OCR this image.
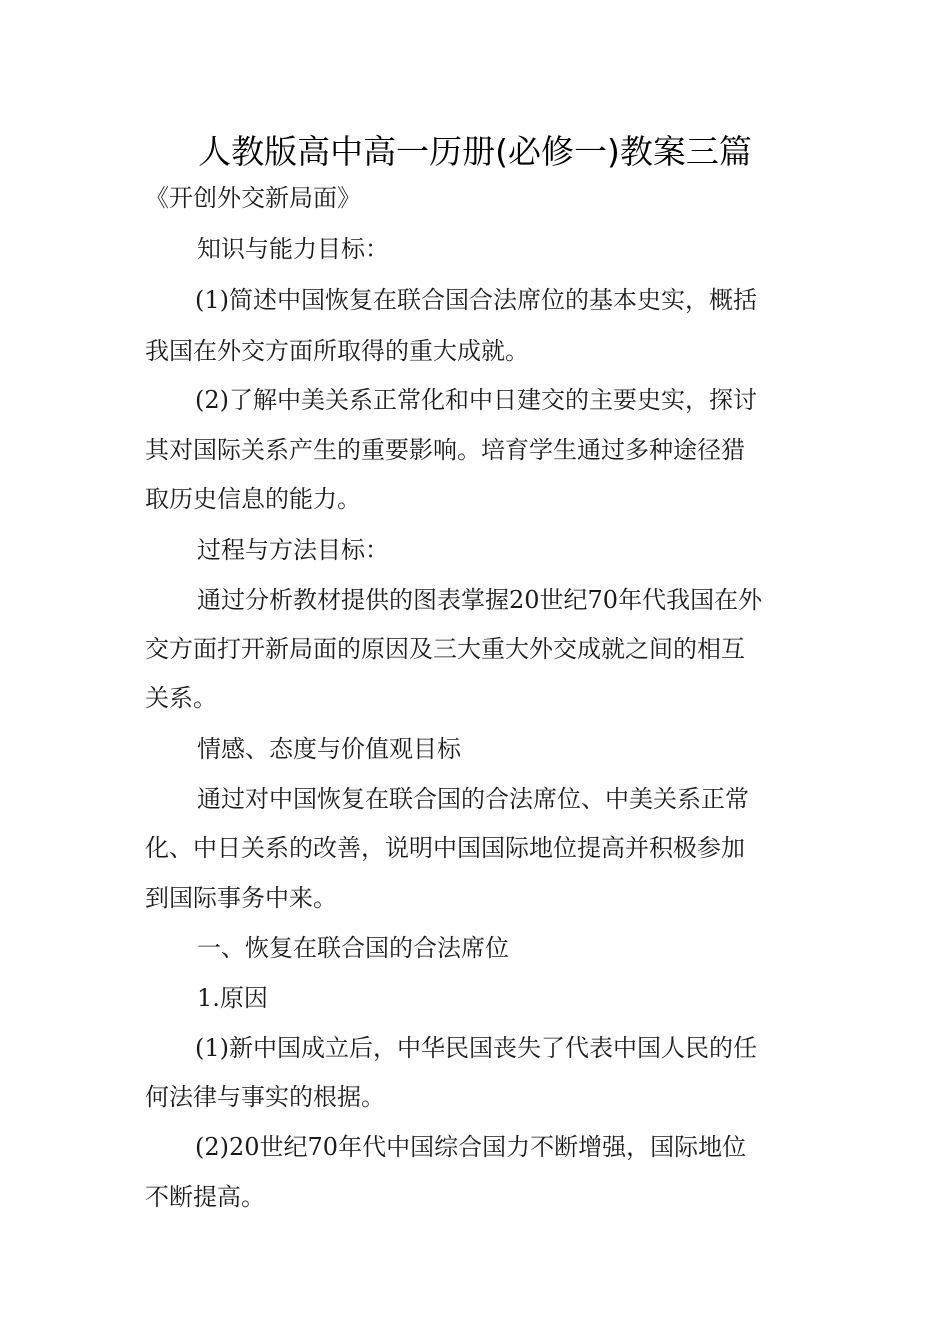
人教版高中高一历册(必修一)教案三篇
《开创外交新局面》
知识与能力目标：
(1)简述中国恢复在联合国合法席位的基本史实，概括
我国在外交方面所取得的重大成就。
(2)了解中美关系正常化和中日建交的主要史实，探讨
其对国际关系产生的重要影响。培育学生通过多种途径猎
取历史信息的能力。
过程与方法目标：
通过分析教材提供的图表掌握20世纪70年代我国在外
交方面打开新局面的原因及三大重大外交成就之间的相互
关系。
情感、态度与价值观目标
通过对中国恢复在联合国的合法席位、中美关系正常
化、中日关系的改善，说明中国国际地位提高并积极参加
到国际事务中来。
一、恢复在联合国的合法席位
1.原因
(1)新中国成立后，中华民国丧失了代表中国人民的任
何法律与事实的根据。
(2)20世纪70年代中国综合国力不断增强，国际地位
不断提高。
